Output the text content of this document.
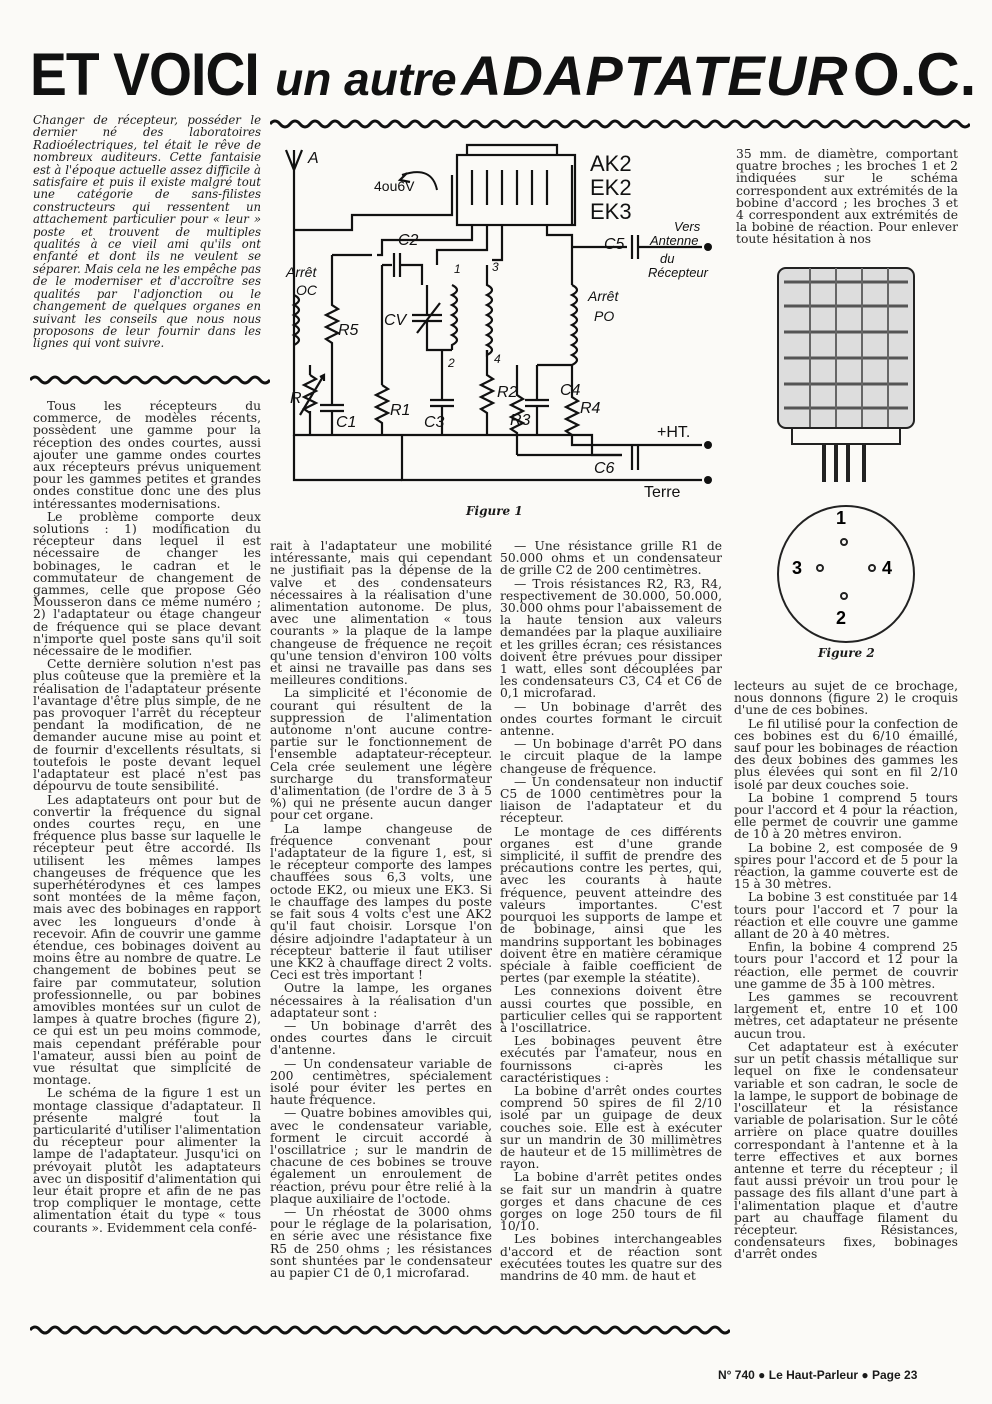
ET VOICI un autre ADAPTATEUR O.C.
Changer de récepteur, posséder le dernier né des laboratoires Radioélectriques, tel était le rêve de nombreux auditeurs. Cette fantaisie est à l'époque actuelle assez difficile à satisfaire et puis il existe malgré tout une catégorie de sans-filistes constructeurs qui ressentent un attachement particulier pour « leur » poste et trouvent de multiples qualités à ce vieil ami qu'ils ont enfanté et dont ils ne veulent se séparer. Mais cela ne les empêche pas de le moderniser et d'accroître ses qualités par l'adjonction ou le changement de quelques organes en suivant les conseils que nous nous proposons de leur fournir dans les lignes qui vont suivre.
A	AK2
EK2
EK3
4ou6V
C5
Vers
Antenne
du
Récepteur
Arrêt
OC	Arrêt
PO
C2
CV
R5
R
C1
R1
C3
R2
R3
C4
R4
+HT.
C6
Terre
1
2
3
4
Figure 1

35 mm. de diamètre, comportant quatre broches ; les broches 1 et 2 indiquées sur le schéma correspondent aux extrémités de la bobine d'accord ; les broches 3 et 4 correspondent aux extrémités de la bobine de réaction. Pour enlever toute hésitation à nos

1
3	4
2
Figure 2

Tous les récepteurs du commerce, de modèles récents, possèdent une gamme pour la réception des ondes courtes, aussi ajouter une gamme ondes courtes aux récepteurs prévus uniquement pour les gammes petites et grandes ondes constitue donc une des plus intéressantes modernisations.

Le problème comporte deux solutions : 1) modification du récepteur dans lequel il est nécessaire de changer les bobinages, le cadran et le commutateur de changement de gammes, celle que propose Géo Mousseron dans ce même numéro ; 2) l'adaptateur ou étage changeur de fréquence qui se place devant n'importe quel poste sans qu'il soit nécessaire de le modifier.

Cette dernière solution n'est pas plus coûteuse que la première et la réalisation de l'adaptateur présente l'avantage d'être plus simple, de ne pas provoquer l'arrêt du récepteur pendant la modification, de ne demander aucune mise au point et de fournir d'excellents résultats, si toutefois le poste devant lequel l'adaptateur est placé n'est pas dépourvu de toute sensibilité.

Les adaptateurs ont pour but de convertir la fréquence du signal ondes courtes reçu, en une fréquence plus basse sur laquelle le récepteur peut être accordé. Ils utilisent les mêmes lampes changeuses de fréquence que les superhétérodynes et ces lampes sont montées de la même façon, mais avec des bobinages en rapport avec les longueurs d'onde à recevoir. Afin de couvrir une gamme étendue, ces bobinages doivent au moins être au nombre de quatre. Le changement de bobines peut se faire par commutateur, solution professionnelle, ou par bobines amovibles montées sur un culot de lampes à quatre broches (figure 2), ce qui est un peu moins commode, mais cependant préférable pour l'amateur, aussi bien au point de vue résultat que simplicité de montage.

Le schéma de la figure 1 est un montage classique d'adaptateur. Il présente malgré tout la particularité d'utiliser l'alimentation du récepteur pour alimenter la lampe de l'adaptateur. Jusqu'ici on prévoyait plutôt les adaptateurs avec un dispositif d'alimentation qui leur était propre et afin de ne pas trop compliquer le montage, cette alimentation était du type « tous courants ». Evidemment cela confé-

rait à l'adaptateur une mobilité intéressante, mais qui cependant ne justifiait pas la dépense de la valve et des condensateurs nécessaires à la réalisation d'une alimentation autonome. De plus, avec une alimentation « tous courants » la plaque de la lampe changeuse de fréquence ne reçoit qu'une tension d'environ 100 volts et ainsi ne travaille pas dans ses meilleures conditions.

La simplicité et l'économie de courant qui résultent de la suppression de l'alimentation autonome n'ont aucune contre-partie sur le fonctionnement de l'ensemble adaptateur-récepteur. Cela crée seulement une légère surcharge du transformateur d'alimentation (de l'ordre de 3 à 5 %) qui ne présente aucun danger pour cet organe.

La lampe changeuse de fréquence convenant pour l'adaptateur de la figure 1, est, si le récepteur comporte des lampes chauffées sous 6,3 volts, une octode EK2, ou mieux une EK3. Si le chauffage des lampes du poste se fait sous 4 volts c'est une AK2 qu'il faut choisir. Lorsque l'on désire adjoindre l'adaptateur à un récepteur batterie il faut utiliser une KK2 à chauffage direct 2 volts. Ceci est très important !

Outre la lampe, les organes nécessaires à la réalisation d'un adaptateur sont :

— Un bobinage d'arrêt des ondes courtes dans le circuit d'antenne.

— Un condensateur variable de 200 centimètres, spécialement isolé pour éviter les pertes en haute fréquence.

— Quatre bobines amovibles qui, avec le condensateur variable, forment le circuit accordé à l'oscillatrice ; sur le mandrin de chacune de ces bobines se trouve également un enroulement de réaction, prévu pour être relié à la plaque auxiliaire de l'octode.

— Un rhéostat de 3000 ohms pour le réglage de la polarisation, en série avec une résistance fixe R5 de 250 ohms ; les résistances sont shuntées par le condensateur au papier C1 de 0,1 microfarad.

— Une résistance grille R1 de 50.000 ohms et un condensateur de grille C2 de 200 centimètres.

— Trois résistances R2, R3, R4, respectivement de 30.000, 50.000, 30.000 ohms pour l'abaissement de la haute tension aux valeurs demandées par la plaque auxiliaire et les grilles écran; ces résistances doivent être prévues pour dissiper 1 watt, elles sont découplées par les condensateurs C3, C4 et C6 de 0,1 microfarad.

— Un bobinage d'arrêt des ondes courtes formant le circuit antenne.

— Un bobinage d'arrêt PO dans le circuit plaque de la lampe changeuse de fréquence.

— Un condensateur non inductif C5 de 1000 centimètres pour la liaison de l'adaptateur et du récepteur.

Le montage de ces différents organes est d'une grande simplicité, il suffit de prendre des précautions contre les pertes, qui, avec les courants à haute fréquence, peuvent atteindre des valeurs importantes. C'est pourquoi les supports de lampe et de bobinage, ainsi que les mandrins supportant les bobinages doivent être en matière céramique spéciale à faible coefficient de pertes (par exemple la stéatite).

Les connexions doivent être aussi courtes que possible, en particulier celles qui se rapportent à l'oscillatrice.

Les bobinages peuvent être exécutés par l'amateur, nous en fournissons ci-après les caractéristiques :

La bobine d'arrêt ondes courtes comprend 50 spires de fil 2/10 isolé par un guipage de deux couches soie. Elle est à exécuter sur un mandrin de 30 millimètres de hauteur et de 15 millimètres de rayon.

La bobine d'arrêt petites ondes se fait sur un mandrin à quatre gorges et dans chacune de ces gorges on loge 250 tours de fil 10/10.

Les bobines interchangeables d'accord et de réaction sont exécutées toutes les quatre sur des mandrins de 40 mm. de haut et

lecteurs au sujet de ce brochage, nous donnons (figure 2) le croquis d'une de ces bobines.

Le fil utilisé pour la confection de ces bobines est du 6/10 émaillé, sauf pour les bobinages de réaction des deux bobines des gammes les plus élevées qui sont en fil 2/10 isolé par deux couches soie.

La bobine 1 comprend 5 tours pour l'accord et 4 pour la réaction, elle permet de couvrir une gamme de 10 à 20 mètres environ.

La bobine 2, est composée de 9 spires pour l'accord et de 5 pour la réaction, la gamme couverte est de 15 à 30 mètres.

La bobine 3 est constituée par 14 tours pour l'accord et 7 pour la réaction et elle couvre une gamme allant de 20 à 40 mètres.

Enfin, la bobine 4 comprend 25 tours pour l'accord et 12 pour la réaction, elle permet de couvrir une gamme de 35 à 100 mètres.

Les gammes se recouvrent largement et, entre 10 et 100 mètres, cet adaptateur ne présente aucun trou.

Cet adaptateur est à exécuter sur un petit chassis métallique sur lequel on fixe le condensateur variable et son cadran, le socle de la lampe, le support de bobinage de l'oscillateur et la résistance variable de polarisation. Sur le côté arrière on place quatre douilles correspondant à l'antenne et à la terre effectives et aux bornes antenne et terre du récepteur ; il faut aussi prévoir un trou pour le passage des fils allant d'une part à l'alimentation plaque et d'autre part au chauffage filament du récepteur. Résistances, condensateurs fixes, bobinages d'arrêt ondes

N° 740 ● Le Haut-Parleur ● Page 23
